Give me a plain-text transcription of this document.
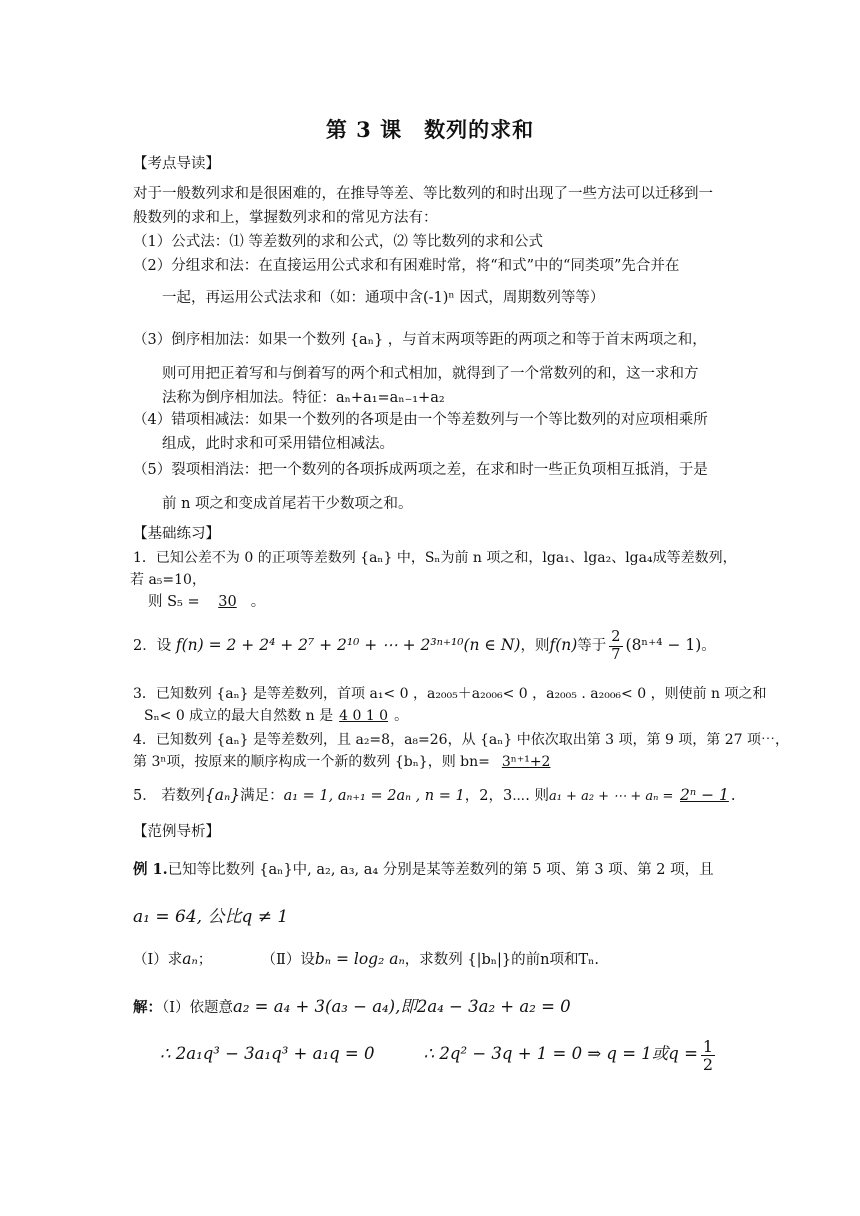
第 3 课 数列的求和
【考点导读】
对于一般数列求和是很困难的，在推导等差、等比数列的和时出现了一些方法可以迁移到一
般数列的求和上，掌握数列求和的常见方法有：
（1）公式法：⑴ 等差数列的求和公式，⑵ 等比数列的求和公式
（2）分组求和法：在直接运用公式求和有困难时常，将“和式”中的“同类项”先合并在
一起，再运用公式法求和（如：通项中含(-1)ⁿ 因式，周期数列等等）
（3）倒序相加法：如果一个数列 {aₙ} ，与首末两项等距的两项之和等于首末两项之和，
则可用把正着写和与倒着写的两个和式相加，就得到了一个常数列的和，这一求和方
法称为倒序相加法。特征：aₙ+a₁=aₙ₋₁+a₂
（4）错项相减法：如果一个数列的各项是由一个等差数列与一个等比数列的对应项相乘所
组成，此时求和可采用错位相减法。
（5）裂项相消法：把一个数列的各项拆成两项之差，在求和时一些正负项相互抵消，于是
前 n 项之和变成首尾若干少数项之和。
【基础练习】
1．已知公差不为 0 的正项等差数列 {aₙ} 中，Sₙ为前 n 项之和，lga₁、lga₂、lga₄成等差数列，
若 a₅=10，
则 S₅ = 30 。
2．设 f(n) = 2 + 2⁴ + 2⁷ + 2¹⁰ + ⋯ + 2³ⁿ⁺¹⁰(n ∈ N)，则f(n)等于 $\frac{2}{7} (8^{n+4} - 1)$。
3．已知数列 {aₙ} 是等差数列，首项 a₁< 0 ，a₂₀₀₅＋a₂₀₀₆< 0 ，a₂₀₀₅ . a₂₀₀₆< 0 ，则使前 n 项之和
Sₙ< 0 成立的最大自然数 n 是 4 0 1 0 。
4．已知数列 {aₙ} 是等差数列，且 a₂=8，a₈=26，从 {aₙ} 中依次取出第 3 项，第 9 项，第 27 项⋯，
第 3ⁿ项，按原来的顺序构成一个新的数列 {bₙ}，则 bn= 3ⁿ⁺¹+2
5． 若数列{aₙ}满足：a₁ = 1, aₙ₊₁ = 2aₙ , n = 1，2，3⋯. 则a₁ + a₂ + ⋯ + aₙ = 2ⁿ − 1 .
【范例导析】
例 1.已知等比数列 {aₙ}中, a₂, a₃, a₄ 分别是某等差数列的第 5 项、第 3 项、第 2 项，且
a₁ = 64, 公比q ≠ 1
（Ⅰ）求aₙ；	（Ⅱ）设bₙ = log₂ aₙ，求数列 {|bₙ|}的前n项和Tₙ.
解：（I）依题意a₂ = a₄ + 3(a₃ − a₄),即2a₄ − 3a₂ + a₂ = 0
∴ 2a₁q³ − 3a₁q³ + a₁q = 0	∴ 2q² − 3q + 1 = 0 ⇒ q = 1或$q = \frac{1}{2}$
